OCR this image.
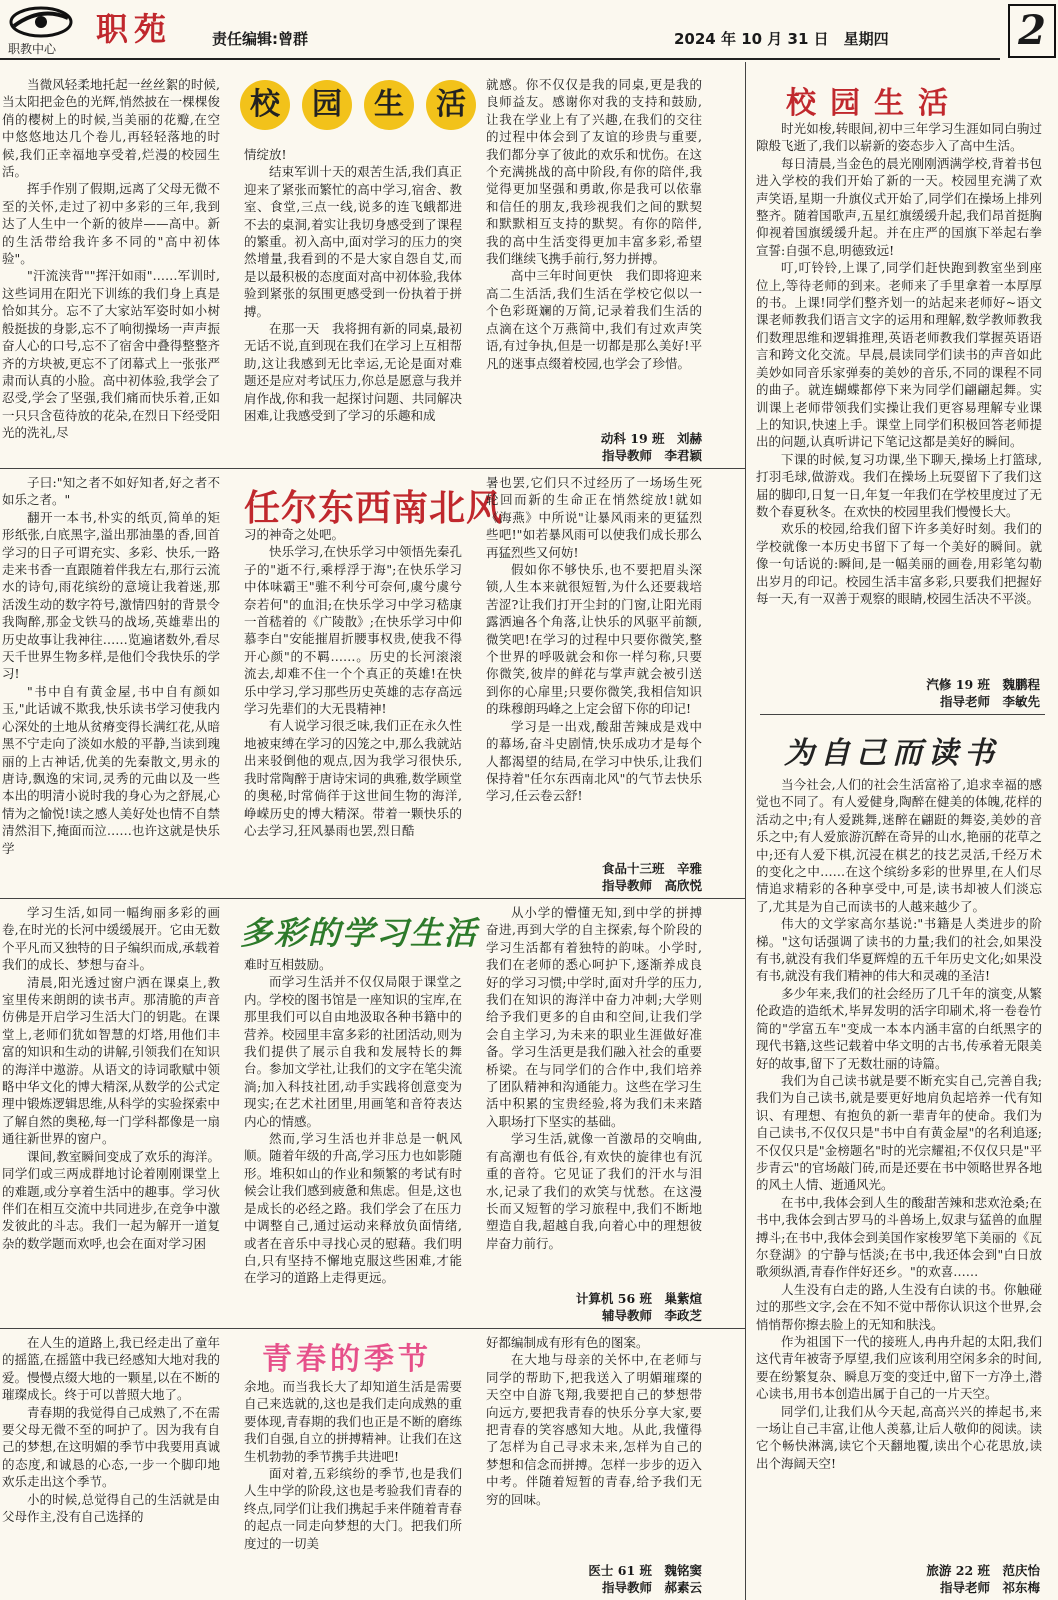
职教中心
职苑	责任编辑:曾群	2024 年 10 月 31 日　星期四	2
校 园 生 活

当微风轻柔地托起一丝丝絮的时候,当太阳把金色的光辉,悄然披在一棵棵俊俏的樱树上的时候,当美丽的花瓣,在空中悠悠地达几个卷儿,再轻轻落地的时候,我们正幸福地享受着,烂漫的校园生活。

挥手作别了假期,远离了父母无微不至的关怀,走过了初中多彩的三年,我到达了人生中一个新的彼岸——高中。新的生活带给我许多不同的"高中初体验"。

"汗流浃背""挥汗如雨"……军训时,这些词用在阳光下训练的我们身上真是恰如其分。忘不了大家站军姿时如小树般挺拔的身影,忘不了响彻操场一声声振奋人心的口号,忘不了宿舍中叠得整整齐齐的方块被,更忘不了闭幕式上一张张严肃而认真的小脸。高中初体验,我学会了忍受,学会了坚强,我们痛而快乐着,正如一只只含苞待放的花朵,在烈日下经受阳光的洗礼,尽

情绽放!

结束军训十天的艰苦生活,我们真正迎来了紧张而繁忙的高中学习,宿舍、教室、食堂,三点一线,说多的连飞蛾都进不去的桌洞,着实让我切身感受到了课程的繁重。初入高中,面对学习的压力的突然增量,我看到的不是大家自怨自艾,而是以最积极的态度面对高中初体验,我体验到紧张的氛围更感受到一份执着于拼搏。

在那一天　我将拥有新的同桌,最初无话不说,直到现在我们在学习上互相帮助,这让我感到无比幸运,无论是面对难题还是应对考试压力,你总是愿意与我并肩作战,你和我一起探讨问题、共同解决困难,让我感受到了学习的乐趣和成

就感。你不仅仅是我的同桌,更是我的良师益友。感谢你对我的支持和鼓励,让我在学业上有了兴趣,在我们的交往的过程中体会到了友谊的珍贵与重要,我们都分享了彼此的欢乐和忧伤。在这个充满挑战的高中阶段,有你的陪伴,我觉得更加坚强和勇敢,你是我可以依靠和信任的朋友,我珍视我们之间的默契和默默相互支持的默契。有你的陪伴,我的高中生活变得更加丰富多彩,希望我们继续飞携手前行,努力拼搏。

高中三年时间更快　我们即将迎来高二生活活,我们生活在学校它似以一个色彩斑斓的万简,记录着我们生活的点滴在这个万燕简中,我们有过欢声笑语,有过争执,但是一切都是那么美好!平凡的迷事点缀着校园,也学会了珍惜。

动科 19 班　刘赫
指导教师　李君颖
任尔东西南北风

子曰:"知之者不如好知者,好之者不如乐之者。"

翻开一本书,朴实的纸页,简单的矩形纸张,白底黑字,溢出那油墨的香,回首学习的日子可谓充实、多彩、快乐,一路走来书香一直跟随着伴我左右,那行云流水的诗句,雨花缤纷的意境让我着迷,那活泼生动的数字符号,激情四射的背景令我陶醉,那金戈铁马的战场,英雄辈出的历史故事让我神往……览遍诸数外,看尽天千世界生物多样,是他们令我快乐的学习!

"书中自有黄金屋,书中自有颜如玉,"此话诚不欺我,快乐读书学习使我内心深处的土地从贫瘠变得长满红花,从暗黑不宁走向了淡如水般的平静,当读到瑰丽的上古神话,优美的先秦散文,男永的唐诗,飘逸的宋词,灵秀的元曲以及一些本出的明清小说时我的身心为之舒展,心情为之愉悦!读之感人美好处也情不自禁清然泪下,掩面而泣……也许这就是快乐学

习的神奇之处吧。

快乐学习,在快乐学习中领悟先秦孔子的"逝不行,乘桴浮于海";在快乐学习中体味霸王"骓不利兮可奈何,虞兮虞兮奈若何"的血泪;在快乐学习中学习嵇康一首嵇着的《广陵散》;在快乐学习中仰慕李白"安能摧眉折腰事权贵,使我不得开心颜"的不羁……。历史的长河滚滚流去,却难不住一个个真正的英雄!在快乐中学习,学习那些历史英雄的志存高远学习先辈们的大无畏精神!

有人说学习很乏味,我们正在永久性地被束缚在学习的囚笼之中,那么我就站出来驳倒他的观点,因为我学习很快乐,我时常陶醉于唐诗宋词的典雅,数学顾堂的奥秘,时常倘徉于这世间生物的海洋,峥嵘历史的博大精深。带着一颗快乐的心去学习,狂风暴雨也罢,烈日酷

暑也罢,它们只不过经历了一场场生死轮回而新的生命正在悄然绽放!就如《海燕》中所说"让暴风雨来的更猛烈些吧!"如若暴风雨可以使我们成长那么再猛烈些又何妨!

假如你不够快乐,也不要把眉头深锁,人生本来就很短暂,为什么还要栽培苦涩?让我们打开尘封的门窗,让阳光雨露洒遍各个角落,让快乐的风驱平前额,微笑吧!在学习的过程中只要你微笑,整个世界的呼吸就会和你一样匀称,只要你微笑,彼岸的鲜花与掌声就会被引送到你的心扉里;只要你微笑,我相信知识的珠穆朗玛峰之上定会留下你的印记!

学习是一出戏,酸甜苦辣成是戏中的幕场,奋斗史剧情,快乐成功才是每个人都渴望的结局,在学习中快乐,让我们保持着"任尔东西南北风"的气节去快乐学习,任云卷云舒!

食品十三班　辛雅
指导教师　高欣悦
多彩的学习生活

学习生活,如同一幅绚丽多彩的画卷,在时光的长河中缓缓展开。它由无数个平凡而又独特的日子编织而成,承载着我们的成长、梦想与奋斗。

清晨,阳光透过窗户洒在课桌上,教室里传来朗朗的读书声。那清脆的声音仿佛是开启学习生活大门的钥匙。在课堂上,老师们犹如智慧的灯塔,用他们丰富的知识和生动的讲解,引领我们在知识的海洋中遨游。从语文的诗词歌赋中领略中华文化的博大精深,从数学的公式定理中锻炼逻辑思维,从科学的实验探索中了解自然的奥秘,每一门学科都像是一扇通往新世界的窗户。

课间,教室瞬间变成了欢乐的海洋。同学们或三两成群地讨论着刚刚课堂上的难题,或分享着生活中的趣事。学习伙伴们在相互交流中共同进步,在竞争中激发彼此的斗志。我们一起为解开一道复杂的数学题而欢呼,也会在面对学习困

难时互相鼓励。

而学习生活并不仅仅局限于课堂之内。学校的图书馆是一座知识的宝库,在那里我们可以自由地汲取各种书籍中的营养。校园里丰富多彩的社团活动,则为我们提供了展示自我和发展特长的舞台。参加文学社,让我们的文字在笔尖流淌;加入科技社团,动手实践将创意变为现实;在艺术社团里,用画笔和音符表达内心的情感。

然而,学习生活也并非总是一帆风顺。随着年级的升高,学习压力也如影随形。堆积如山的作业和频繁的考试有时候会让我们感到疲惫和焦虑。但是,这也是成长的必经之路。我们学会了在压力中调整自己,通过运动来释放负面情绪,或者在音乐中寻找心灵的慰藉。我们明白,只有坚持不懈地克服这些困难,才能在学习的道路上走得更远。

从小学的懵懂无知,到中学的拼搏奋进,再到大学的自主探索,每个阶段的学习生活都有着独特的韵味。小学时,我们在老师的悉心呵护下,逐渐养成良好的学习习惯;中学时,面对升学的压力,我们在知识的海洋中奋力冲刺;大学则给予我们更多的自由和空间,让我们学会自主学习,为未来的职业生涯做好准备。学习生活更是我们融入社会的重要桥梁。在与同学们的合作中,我们培养了团队精神和沟通能力。这些在学习生活中积累的宝贵经验,将为我们未来踏入职场打下坚实的基础。

学习生活,就像一首激昂的交响曲,有高潮也有低谷,有欢快的旋律也有沉重的音符。它见证了我们的汗水与泪水,记录了我们的欢笑与忧愁。在这漫长而又短暂的学习旅程中,我们不断地塑造自我,超越自我,向着心中的理想彼岸奋力前行。

计算机 56 班　巢紫煊
辅导教师　李政芝
青春的季节

在人生的道路上,我已经走出了童年的摇篮,在摇篮中我已经感知大地对我的爱。慢慢点缀大地的一颗星,以在不断的璀璨成长。终于可以普照大地了。

青春期的我觉得自己成熟了,不在需要父母无微不至的呵护了。因为我有自己的梦想,在这明媚的季节中我要用真诚的态度,和诚恳的心态,一步一个脚印地欢乐走出这个季节。

小的时候,总觉得自己的生活就是由父母作主,没有自己选择的

余地。而当我长大了却知道生活是需要自己来选就的,这也是我们走向成熟的重要体现,青春期的我们也正是不断的磨练我们自强,自立的拼搏精神。让我们在这生机勃勃的季节携手共进吧!

面对着,五彩缤纷的季节,也是我们人生中学的阶段,这也是考验我们青春的终点,同学们让我们携起手来伴随着青春的起点一同走向梦想的大门。把我们所度过的一切美

好都编制成有形有色的图案。

在大地与母亲的关怀中,在老师与同学的帮助下,把我送入了明媚璀璨的天空中自游飞翔,我要把自己的梦想带向远方,要把我青春的快乐分享大家,要把青春的笑容感知大地。从此,我懂得了怎样为自己寻求未来,怎样为自己的梦想和信念而拼搏。怎样一步步的迈入中考。伴随着短暂的青春,给予我们无穷的回味。

医士 61 班　魏铭窦
指导教师　郝素云
校园生活

时光如梭,转眼间,初中三年学习生涯如同白驹过隙般飞逝了,我们以崭新的姿态步入了高中生活。

每日清晨,当金色的晨光刚刚洒满学校,背着书包进入学校的我们开始了新的一天。校园里充满了欢声笑语,星期一升旗仪式开始了,同学们在操场上排列整齐。随着国歌声,五星红旗缓缓升起,我们昂首挺胸仰视着国旗缓缓升起。并在庄严的国旗下举起右拳宣誓:自强不息,明德致远!

叮,叮铃铃,上课了,同学们赶快跑到教室坐到座位上,等待老师的到来。老师来了手里拿着一本厚厚的书。上课!同学们整齐划一的站起来老师好~语文课老师教我们语言文字的运用和理解,数学教师教我们数理思维和逻辑推理,英语老师教我们掌握英语语言和跨文化交流。早晨,晨读同学们读书的声音如此美妙如同音乐家弹奏的美妙的音乐,不同的课程不同的曲子。就连蝴蝶都停下来为同学们翩翩起舞。实训课上老师带领我们实操让我们更容易理解专业课上的知识,快速上手。课堂上同学们积极回答老师提出的问题,认真听讲记下笔记这都是美好的瞬间。

下课的时候,复习功课,坐下聊天,操场上打篮球,打羽毛球,做游戏。我们在操场上玩耍留下了我们这届的脚印,日复一日,年复一年我们在学校里度过了无数个春夏秋冬。在欢快的校园里我们慢慢长大。

欢乐的校园,给我们留下许多美好时刻。我们的学校就像一本历史书留下了每一个美好的瞬间。就像一句话说的:瞬间,是一幅美丽的画卷,用彩笔勾勒出岁月的印记。校园生活丰富多彩,只要我们把握好每一天,有一双善于观察的眼睛,校园生活决不平淡。

汽修 19 班　魏鹏程
指导老师　李敏先
为自己而读书

当今社会,人们的社会生活富裕了,追求幸福的感觉也不同了。有人爱健身,陶醉在健美的体魄,花样的活动之中;有人爱跳舞,迷醉在翩跹的舞姿,美妙的音乐之中;有人爱旅游沉醉在奇异的山水,艳丽的花草之中;还有人爱下棋,沉浸在棋艺的技艺灵活,千经万术的变化之中……在这个缤纷多彩的世界里,在人们尽情追求精彩的各种享受中,可是,读书却被人们淡忘了,尤其是为自己而读书的人越来越少了。

伟大的文学家高尔基说:"书籍是人类进步的阶梯。"这句话强调了读书的力量;我们的社会,如果没有书,就没有我们华夏辉煌的五千年历史文化;如果没有书,就没有我们精神的伟大和灵魂的圣洁!

多少年来,我们的社会经历了几千年的演变,从繁伦政造的造纸术,毕昇发明的活字印刷术,将一卷卷竹简的"学富五车"变成一本本内涵丰富的白纸黑字的现代书籍,这些记载着中华文明的古书,传承着无限美好的故事,留下了无数壮丽的诗篇。

我们为自己读书就是要不断充实自己,完善自我;我们为自己读书,就是要更好地肩负起培养一代有知识、有理想、有抱负的新一辈青年的使命。我们为自己读书,不仅仅只是"书中自有黄金屋"的名利追逐;不仅仅只是"金榜题名"时的光宗耀祖;不仅仅只是"平步青云"的官场敲门砖,而是还要在书中领略世界各地的风土人情、逝通风光。

在书中,我体会到人生的酸甜苦辣和悲欢沧桑;在书中,我体会到古罗马的斗兽场上,奴隶与猛兽的血腥搏斗;在书中,我体会到美国作家梭罗笔下美丽的《瓦尔登湖》的宁静与恬淡;在书中,我还体会到"白日放歌须纵酒,青春作伴好还乡。"的欢喜……

人生没有白走的路,人生没有白读的书。你触碰过的那些文字,会在不知不觉中帮你认识这个世界,会悄悄帮你擦去脸上的无知和肤浅。

作为祖国下一代的接班人,冉冉升起的太阳,我们这代青年被寄予厚望,我们应该利用空闲多余的时间,要在纷繁复杂、瞬息万变的变迁中,留下一方净土,潜心读书,用书本创造出属于自己的一片天空。

同学们,让我们从今天起,高高兴兴的捧起书,来一场让自己丰富,让他人羡慕,让后人敬仰的阅读。读它个畅快淋漓,读它个天翻地覆,读出个心花思放,读出个海阔天空!

旅游 22 班　范庆怡
指导老师　祁东梅
